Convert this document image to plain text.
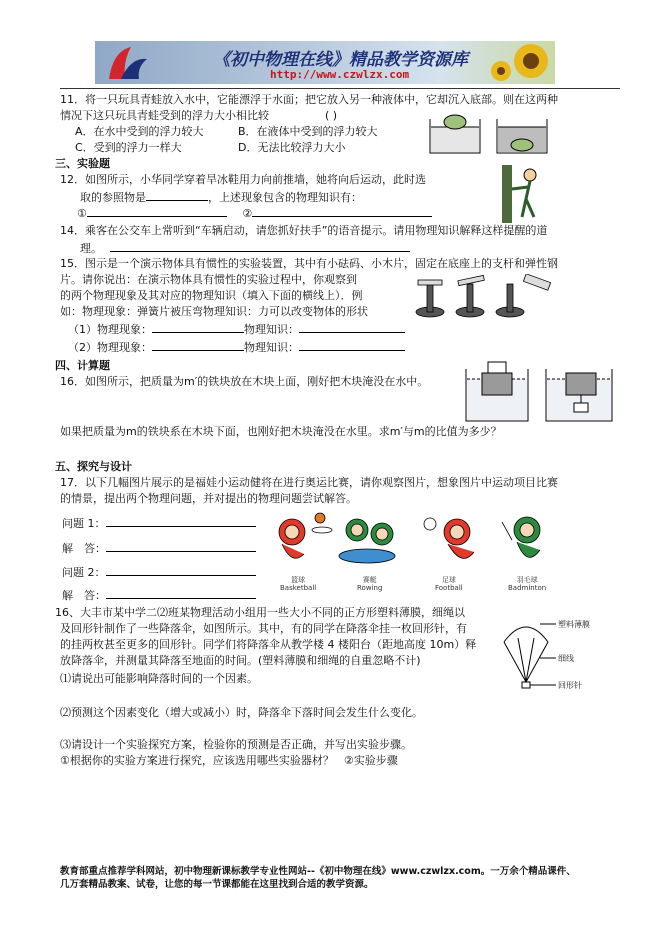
《初中物理在线》精品教学资源库
http://www.czwlzx.com
11．将一只玩具青蛙放入水中，它能漂浮于水面；把它放入另一种液体中，它却沉入底部。则在这两种
情况下这只玩具青蛙受到的浮力大小相比较	( )
A．在水中受到的浮力较大	B．在液体中受到的浮力较大
C．受到的浮力一样大	D．无法比较浮力大小
三、实验题
12．如图所示，小华同学穿着旱冰鞋用力向前推墙，她将向后运动，此时选
取的参照物是	，上述现象包含的物理知识有：
①	②
14．乘客在公交车上常听到“车辆启动，请您抓好扶手”的语音提示。请用物理知识解释这样提醒的道
理。
15．图示是一个演示物体具有惯性的实验装置，其中有小砝码、小木片，固定在底座上的支杆和弹性钢
片。请你说出：在演示物体具有惯性的实验过程中，你观察到
的两个物理现象及其对应的物理知识（填入下面的横线上）．例
如：物理现象：弹簧片被压弯物理知识：力可以改变物体的形状
（1）物理现象：	物理知识：
（2）物理现象：	物理知识：
四、计算题
16．如图所示，把质量为m′的铁块放在木块上面，刚好把木块淹没在水中。
如果把质量为m的铁块系在木块下面，也刚好把木块淹没在水里。求m′与m的比值为多少？
五、探究与设计
17．以下几幅图片展示的是福娃小运动健将在进行奥运比赛，请你观察图片，想象图片中运动项目比赛
的情景，提出两个物理问题，并对提出的物理问题尝试解答。
问题 1：
解　答：
问题 2：
解　答：
篮球
Basketball
赛艇
Rowing
足球
Football
羽毛球
Badminton
16、大丰市某中学二⑵班某物理活动小组用一些大小不同的正方形塑料薄膜，细绳以
及回形针制作了一些降落伞，如图所示。其中，有的同学在降落伞挂一枚回形针，有
的挂两枚甚至更多的回形针。同学们将降落伞从教学楼 4 楼阳台（距地高度 10m）释
放降落伞，并测量其降落至地面的时间。(塑料薄膜和细绳的自重忽略不计)
⑴请说出可能影响降落时间的一个因素。
⑵预测这个因素变化（增大或减小）时，降落伞下落时间会发生什么变化。
⑶请设计一个实验探究方案，检验你的预测是否正确，并写出实验步骤。
①根据你的实验方案进行探究，应该选用哪些实验器材？ ②实验步骤
塑料薄膜
细线
回形针
教育部重点推荐学科网站，初中物理新课标教学专业性网站--《初中物理在线》www.czwlzx.com。一万余个精品课件、
几万套精品教案、试卷，让您的每一节课都能在这里找到合适的教学资源。
